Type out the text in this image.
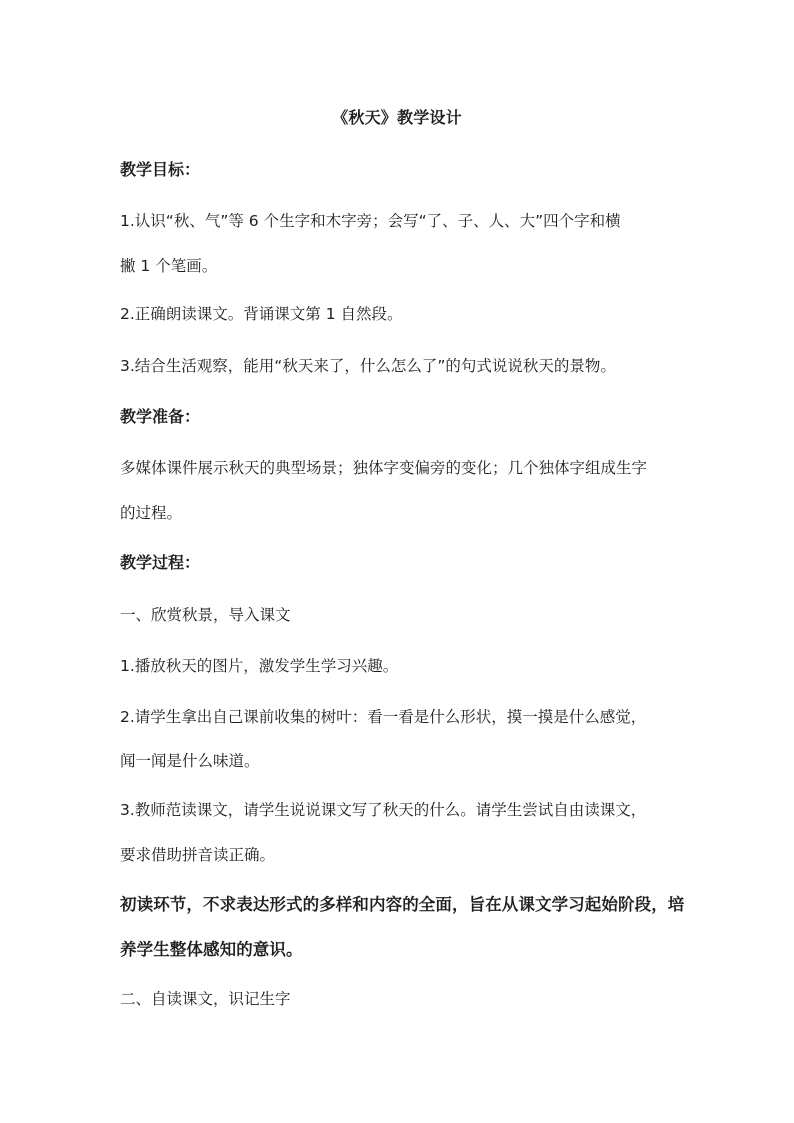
《秋天》教学设计
教学目标：
1.认识“秋、气”等 6 个生字和木字旁；会写“了、子、人、大”四个字和横
撇 1 个笔画。
2.正确朗读课文。背诵课文第 1 自然段。
3.结合生活观察，能用“秋天来了，什么怎么了”的句式说说秋天的景物。
教学准备：
多媒体课件展示秋天的典型场景；独体字变偏旁的变化；几个独体字组成生字
的过程。
教学过程：
一、欣赏秋景，导入课文
1.播放秋天的图片，激发学生学习兴趣。
2.请学生拿出自己课前收集的树叶：看一看是什么形状，摸一摸是什么感觉，
闻一闻是什么味道。
3.教师范读课文，请学生说说课文写了秋天的什么。请学生尝试自由读课文，
要求借助拼音读正确。
初读环节，不求表达形式的多样和内容的全面，旨在从课文学习起始阶段，培
养学生整体感知的意识。
二、自读课文，识记生字
